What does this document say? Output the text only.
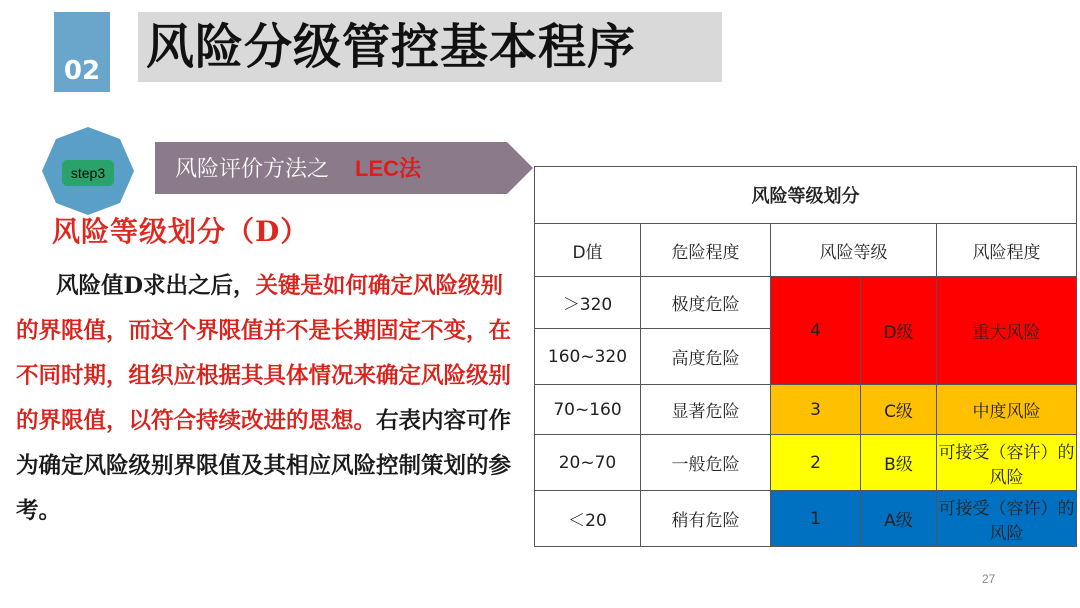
02 风险分级管控基本程序
step3	风险评价方法之 LEC法
风险等级划分（D）
风险值D求出之后，关键是如何确定风险级别的界限值，而这个界限值并不是长期固定不变，在不同时期，组织应根据其具体情况来确定风险级别的界限值，以符合持续改进的思想。右表内容可作为确定风险级别界限值及其相应风险控制策划的参考。
风险等级划分				
D值	危险程度	风险等级		风险程度
＞320	极度危险	4	D级	重大风险
160~320	高度危险			
70~160	显著危险	3	C级	中度风险
20~70	一般危险	2	B级	可接受（容许）的风险
＜20	稍有危险	1	A级	可接受（容许）的风险
27
